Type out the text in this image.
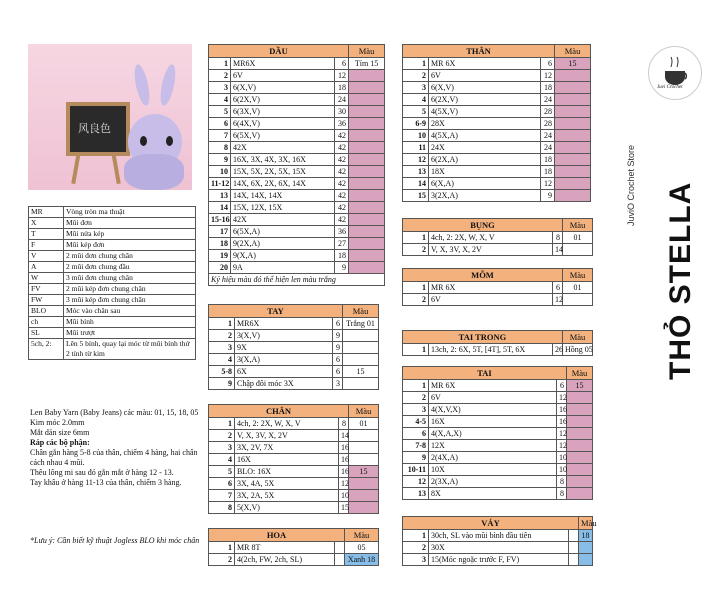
风良色
MR	Vòng tròn ma thuật
X	Mũi đơn
T	Mũi nửa kép
F	Mũi kép đơn
V	2 mũi đơn chung chân
A	2 mũi đơn chung đầu
W	3 mũi đơn chung chân
FV	2 mũi kép đơn chung chân
FW	3 mũi kép đơn chung chân
BLO	Móc vào chân sau
ch	Mũi bính
SL	Mũi trượt
5ch, 2:	Lên 5 bính, quay lại móc từ mũi bính thứ 2 tính từ kim
Len Baby Yarn (Baby Jeans) các màu: 01, 15, 18, 05
Kim móc 2.0mm
Mắt dán size 6mm
Ráp các bộ phận:
Chân gắn hàng 5-8 của thân, chiếm 4 hàng, hai chân cách nhau 4 mũi.
Thêu lông mi sau đó gắn mắt ở hàng 12 - 13.
Tay khâu ở hàng 11-13 của thân, chiếm 3 hàng.
*Lưu ý: Cần biết kỹ thuật Jogless BLO khi móc chân
DẦU			Màu
1	MR6X	6	Tím 15
2	6V	12	
3	6(X,V)	18	
4	6(2X,V)	24	
5	6(3X,V)	30	
6	6(4X,V)	36	
7	6(5X,V)	42	
8	42X	42	
9	16X, 3X, 4X, 3X, 16X	42	
10	15X, 5X, 2X, 5X, 15X	42	
11-12	14X, 6X, 2X, 6X, 14X	42	
13	14X, 14X, 14X	42	
14	15X, 12X, 15X	42	
15-16	42X	42	
17	6(5X,A)	36	
18	9(2X,A)	27	
19	9(X,A)	18	
20	9A	9	
Ký hiệu màu đó thể hiện len màu trắng			
THÂN			Màu
1	MR 6X	6	15
2	6V	12	
3	6(X,V)	18	
4	6(2X,V)	24	
5	4(5X,V)	28	
6-9	28X	28	
10	4(5X,A)	24	
11	24X	24	
12	6(2X,A)	18	
13	18X	18	
14	6(X,A)	12	
15	3(2X,A)	9	
BỤNG			Màu
1	4ch, 2: 2X, W, X, V	8	01
2	V, X, 3V, X, 2V	14	
MÕM			Màu
1	MR 6X	6	01
2	6V	12	
TAI TRONG			Màu
1	13ch, 2: 6X, 5T, [4T], 5T, 6X	26	Hồng 05
TAI			Màu
1	MR 6X	6	15
2	6V	12	
3	4(X,V,X)	16	
4-5	16X	16	
6	4(X,A,X)	12	
7-8	12X	12	
9	2(4X,A)	10	
10-11	10X	10	
12	2(3X,A)	8	
13	8X	8	
VÁY			Màu
1	30ch, SL vào mũi bình đầu tiên		18
2	30X		
3	15(Móc ngoặc trước F, FV)		
TAY			Màu
1	MR6X	6	Trắng 01
2	3(X,V)	9	
3	9X	9	
4	3(X,A)	6	
5-8	6X	6	15
9	Chập đôi móc 3X	3	
CHÂN			Màu
1	4ch, 2: 2X, W, X, V	8	01
2	V, X, 3V, X, 2V	14	
3	3X, 2V, 7X	16	
4	16X	16	
5	BLO: 16X	16	15
6	3X, 4A, 5X	12	
7	3X, 2A, 5X	10	
8	5(X,V)	15	
HOA			Màu
1	MR 8T		05
2	4(2ch, FW, 2ch, SL)		Xanh 18
Juvi Crochet
JuviO Crochet Store THỎ STELLA
